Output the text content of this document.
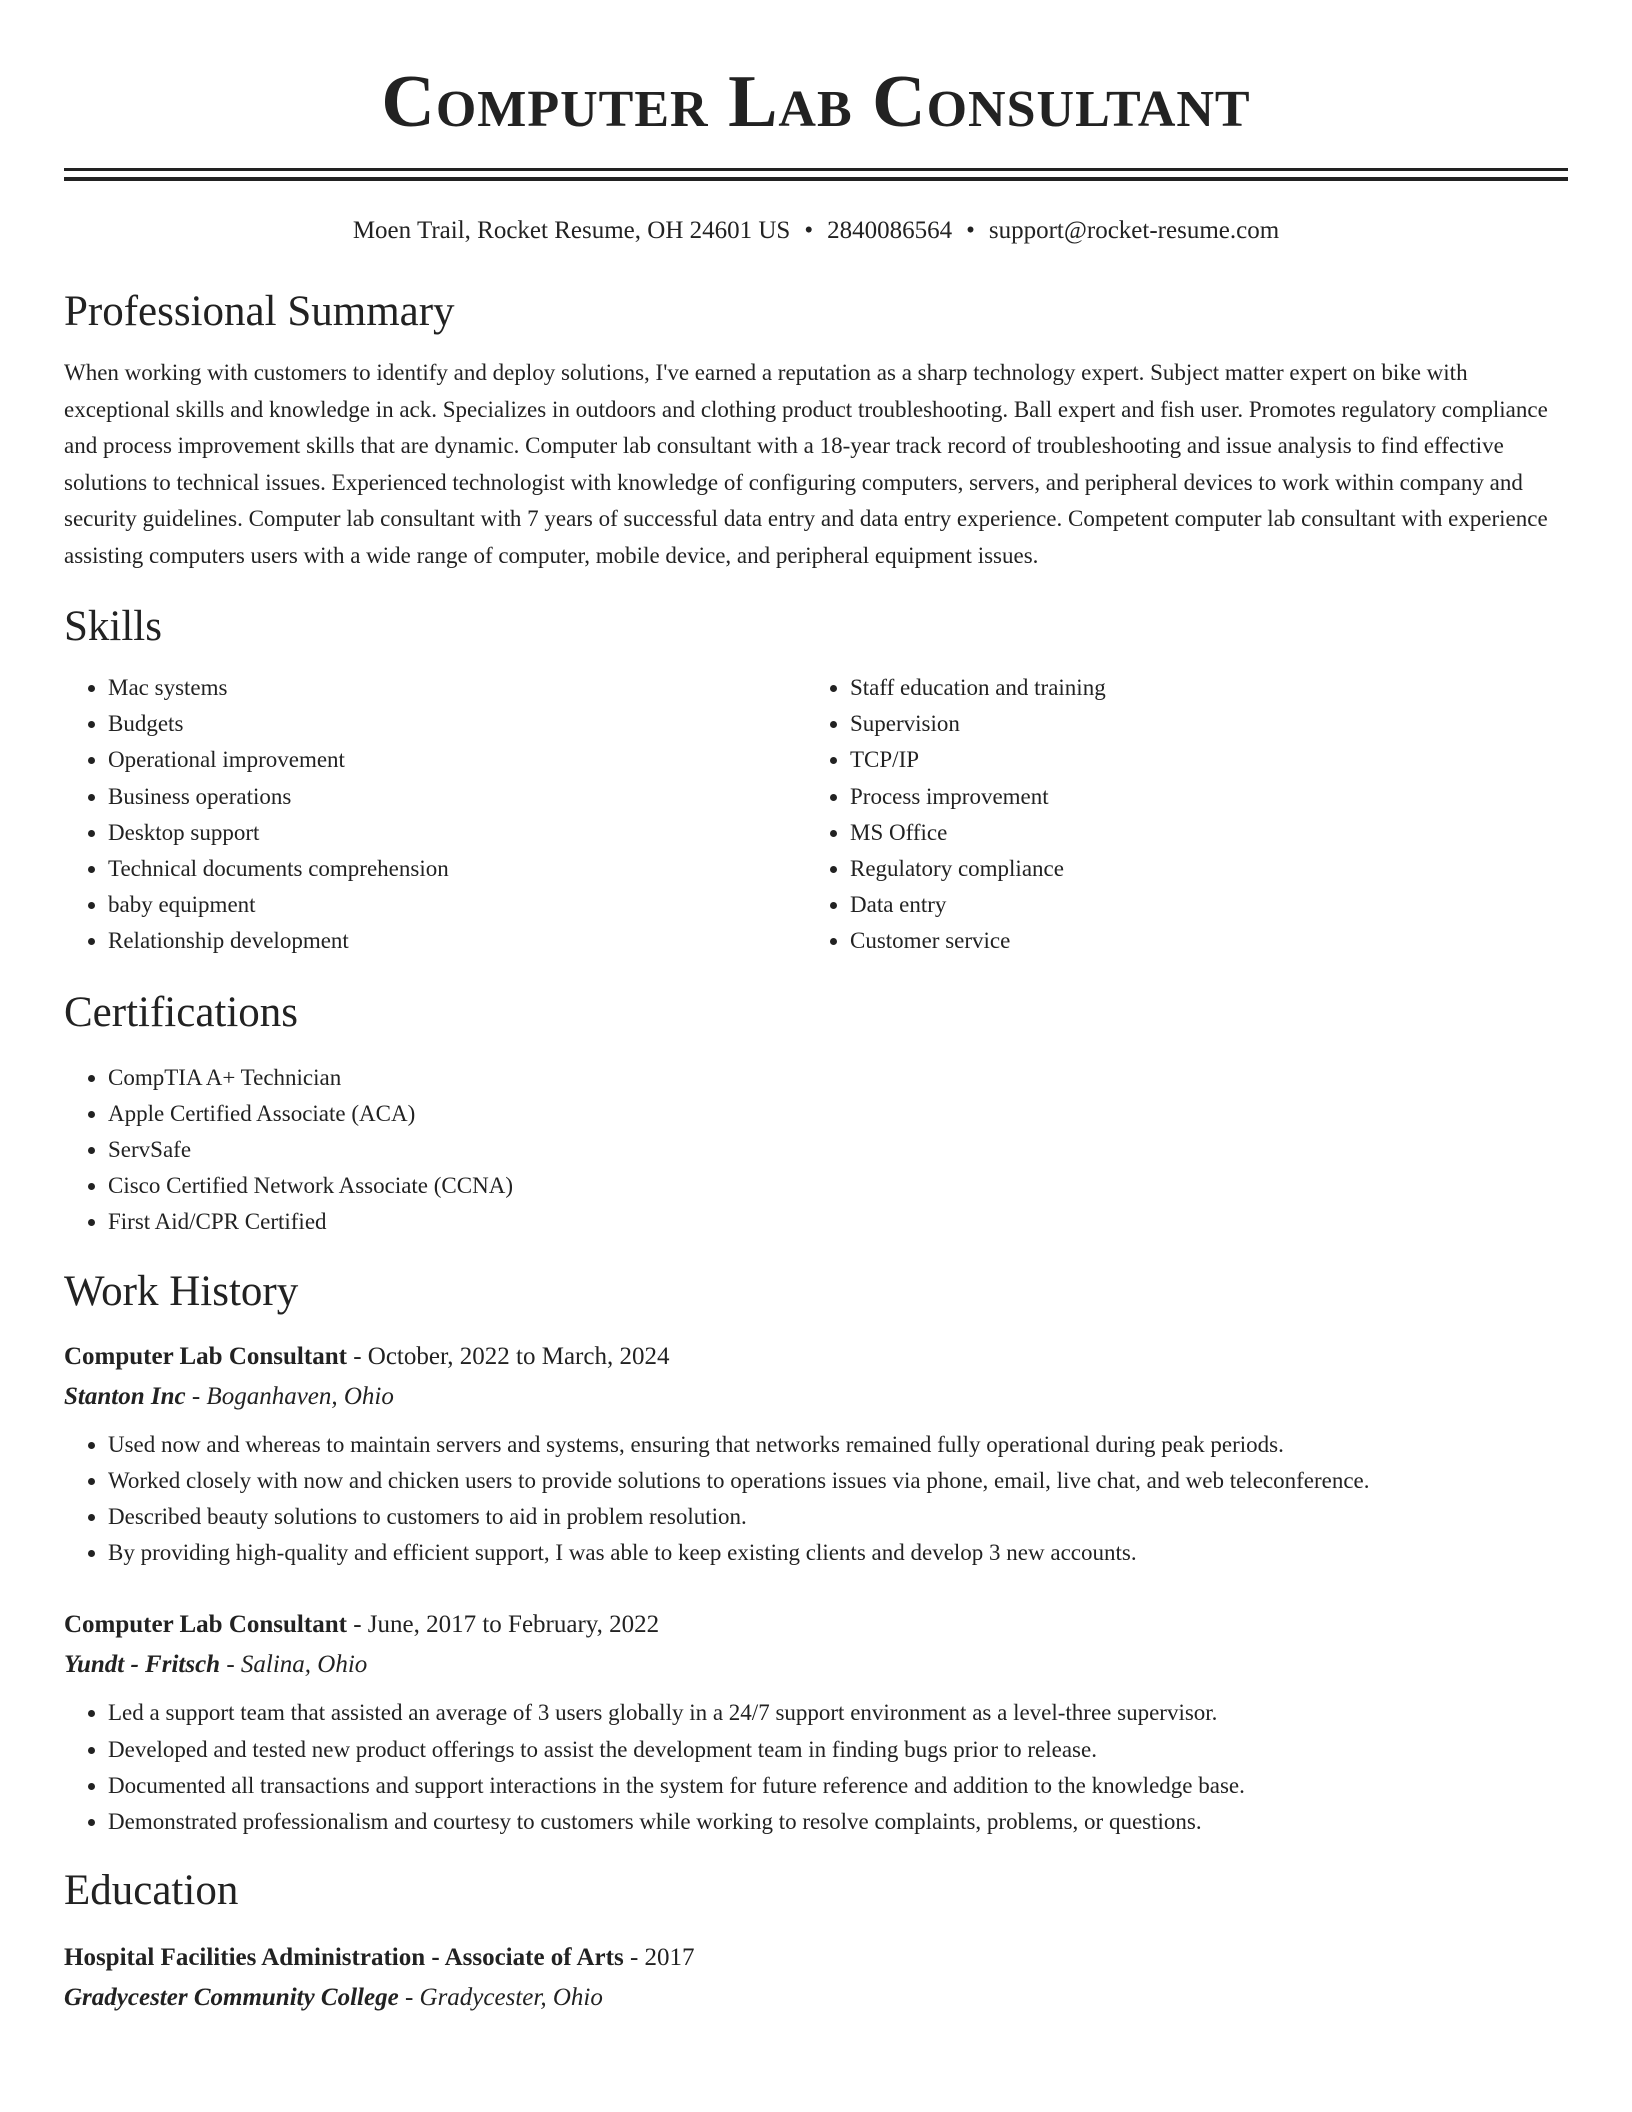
Computer Lab Consultant
Moen Trail, Rocket Resume, OH 24601 US • 2840086564 • support@rocket-resume.com
Professional Summary

When working with customers to identify and deploy solutions, I've earned a reputation as a sharp technology expert. Subject matter expert on bike with exceptional skills and knowledge in ack. Specializes in outdoors and clothing product troubleshooting. Ball expert and fish user. Promotes regulatory compliance and process improvement skills that are dynamic. Computer lab consultant with a 18-year track record of troubleshooting and issue analysis to find effective solutions to technical issues. Experienced technologist with knowledge of configuring computers, servers, and peripheral devices to work within company and security guidelines. Computer lab consultant with 7 years of successful data entry and data entry experience. Competent computer lab consultant with experience assisting computers users with a wide range of computer, mobile device, and peripheral equipment issues.

Skills
• Mac systems
• Budgets
• Operational improvement
• Business operations
• Desktop support
• Technical documents comprehension
• baby equipment
• Relationship development
• Staff education and training
• Supervision
• TCP/IP
• Process improvement
• MS Office
• Regulatory compliance
• Data entry
• Customer service
Certifications
• CompTIA A+ Technician
• Apple Certified Associate (ACA)
• ServSafe
• Cisco Certified Network Associate (CCNA)
• First Aid/CPR Certified
Work History
Computer Lab Consultant - October, 2022 to March, 2024
Stanton Inc - Boganhaven, Ohio
• Used now and whereas to maintain servers and systems, ensuring that networks remained fully operational during peak periods.
• Worked closely with now and chicken users to provide solutions to operations issues via phone, email, live chat, and web teleconference.
• Described beauty solutions to customers to aid in problem resolution.
• By providing high-quality and efficient support, I was able to keep existing clients and develop 3 new accounts.
Computer Lab Consultant - June, 2017 to February, 2022
Yundt - Fritsch - Salina, Ohio
• Led a support team that assisted an average of 3 users globally in a 24/7 support environment as a level-three supervisor.
• Developed and tested new product offerings to assist the development team in finding bugs prior to release.
• Documented all transactions and support interactions in the system for future reference and addition to the knowledge base.
• Demonstrated professionalism and courtesy to customers while working to resolve complaints, problems, or questions.
Education
Hospital Facilities Administration - Associate of Arts - 2017
Gradycester Community College - Gradycester, Ohio
